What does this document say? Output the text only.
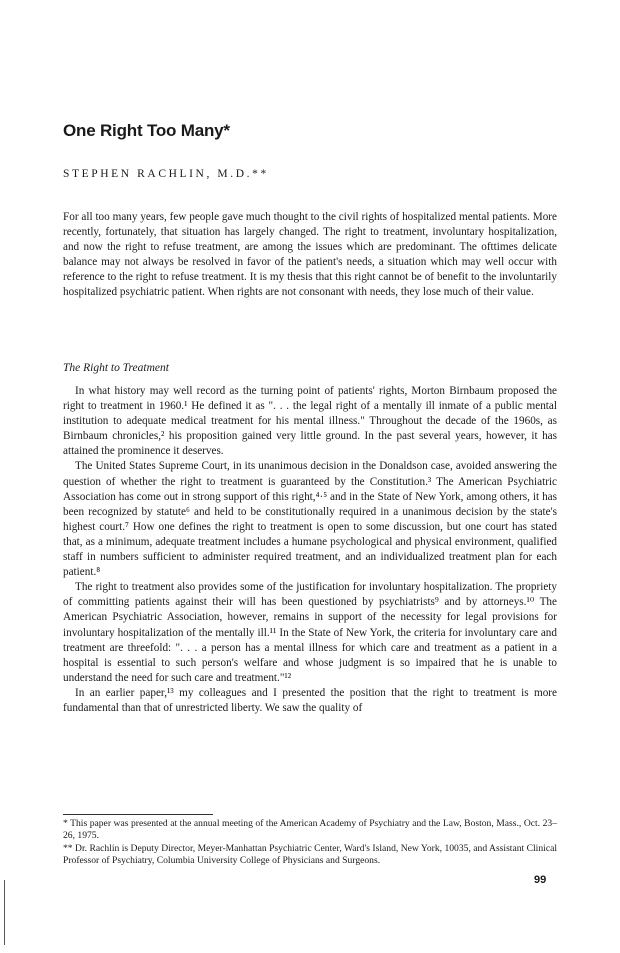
One Right Too Many*
STEPHEN RACHLIN, M.D.**

For all too many years, few people gave much thought to the civil rights of hospitalized mental patients. More recently, fortunately, that situation has largely changed. The right to treatment, involuntary hospitalization, and now the right to refuse treatment, are among the issues which are predominant. The ofttimes delicate balance may not always be resolved in favor of the patient's needs, a situation which may well occur with reference to the right to refuse treatment. It is my thesis that this right cannot be of benefit to the involuntarily hospitalized psychiatric patient. When rights are not consonant with needs, they lose much of their value.

The Right to Treatment

In what history may well record as the turning point of patients' rights, Morton Birnbaum proposed the right to treatment in 1960.¹ He defined it as ". . . the legal right of a mentally ill inmate of a public mental institution to adequate medical treatment for his mental illness." Throughout the decade of the 1960s, as Birnbaum chronicles,² his proposition gained very little ground. In the past several years, however, it has attained the prominence it deserves.

The United States Supreme Court, in its unanimous decision in the Donaldson case, avoided answering the question of whether the right to treatment is guaranteed by the Constitution.³ The American Psychiatric Association has come out in strong support of this right,⁴·⁵ and in the State of New York, among others, it has been recognized by statute⁶ and held to be constitutionally required in a unanimous decision by the state's highest court.⁷ How one defines the right to treatment is open to some discussion, but one court has stated that, as a minimum, adequate treatment includes a humane psychological and physical environment, qualified staff in numbers sufficient to administer required treatment, and an individualized treatment plan for each patient.⁸

The right to treatment also provides some of the justification for involuntary hospitalization. The propriety of committing patients against their will has been questioned by psychiatrists⁹ and by attorneys.¹⁰ The American Psychiatric Association, however, remains in support of the necessity for legal provisions for involuntary hospitalization of the mentally ill.¹¹ In the State of New York, the criteria for involuntary care and treatment are threefold: ". . . a person has a mental illness for which care and treatment as a patient in a hospital is essential to such person's welfare and whose judgment is so impaired that he is unable to understand the need for such care and treatment."¹²

In an earlier paper,¹³ my colleagues and I presented the position that the right to treatment is more fundamental than that of unrestricted liberty. We saw the quality of

* This paper was presented at the annual meeting of the American Academy of Psychiatry and the Law, Boston, Mass., Oct. 23–26, 1975.

** Dr. Rachlin is Deputy Director, Meyer-Manhattan Psychiatric Center, Ward's Island, New York, 10035, and Assistant Clinical Professor of Psychiatry, Columbia University College of Physicians and Surgeons.

99
